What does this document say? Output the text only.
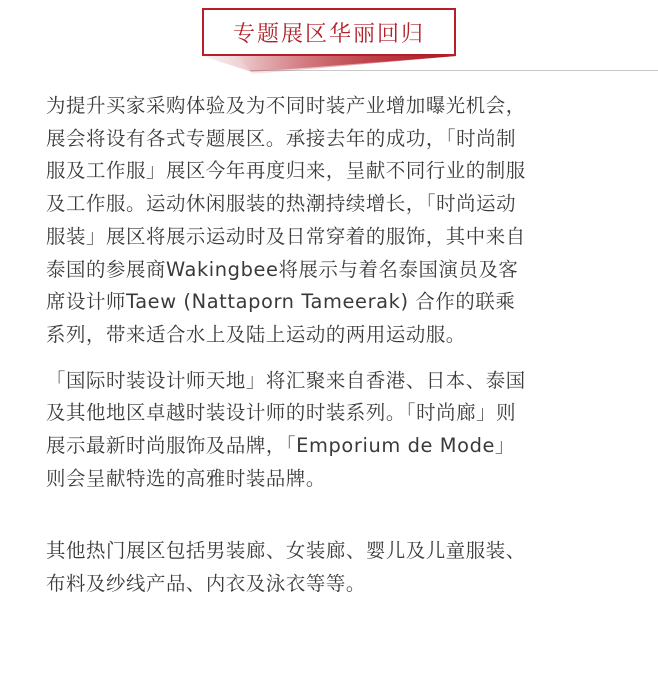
专题展区华丽回归

为提升买家采购体验及为不同时装产业增加曝光机会，
展会将设有各式专题展区。承接去年的成功，「时尚制
服及工作服」展区今年再度归来，呈献不同行业的制服
及工作服。运动休闲服装的热潮持续增长，「时尚运动
服装」展区将展示运动时及日常穿着的服饰，其中来自
泰国的参展商Wakingbee将展示与着名泰国演员及客
席设计师Taew (Nattaporn Tameerak) 合作的联乘
系列，带来适合水上及陆上运动的两用运动服。

「国际时装设计师天地」将汇聚来自香港、日本、泰国
及其他地区卓越时装设计师的时装系列。「时尚廊」则
展示最新时尚服饰及品牌，「Emporium de Mode」
则会呈献特选的高雅时装品牌。

其他热门展区包括男装廊、女装廊、婴儿及儿童服装、
布料及纱线产品、内衣及泳衣等等。
